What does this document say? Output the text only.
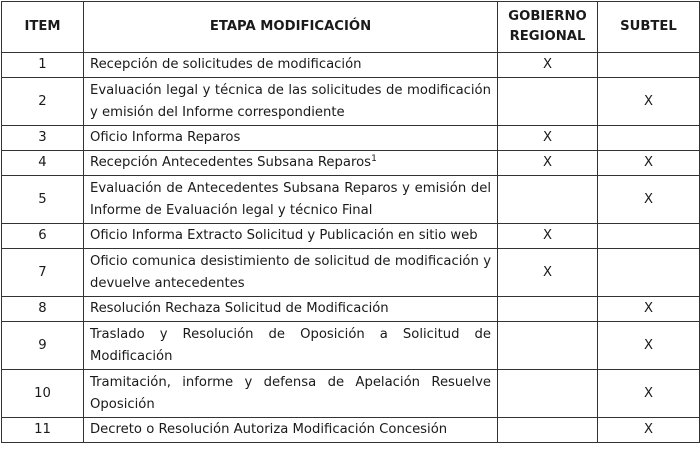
ITEM	ETAPA MODIFICACIÓN	GOBIERNO REGIONAL	SUBTEL
1	Recepción de solicitudes de modificación	X	
2	Evaluación legal y técnica de las solicitudes de modificación y emisión del Informe correspondiente		X
3	Oficio Informa Reparos	X	
4	Recepción Antecedentes Subsana Reparos$^1$	X	X
5	Evaluación de Antecedentes Subsana Reparos y emisión del Informe de Evaluación legal y técnico Final		X
6	Oficio Informa Extracto Solicitud y Publicación en sitio web	X	
7	Oficio comunica desistimiento de solicitud de modificación y devuelve antecedentes	X	
8	Resolución Rechaza Solicitud de Modificación		X
9	Traslado y Resolución de Oposición a Solicitud de Modificación		X
10	Tramitación, informe y defensa de Apelación Resuelve Oposición		X
11	Decreto o Resolución Autoriza Modificación Concesión		X
